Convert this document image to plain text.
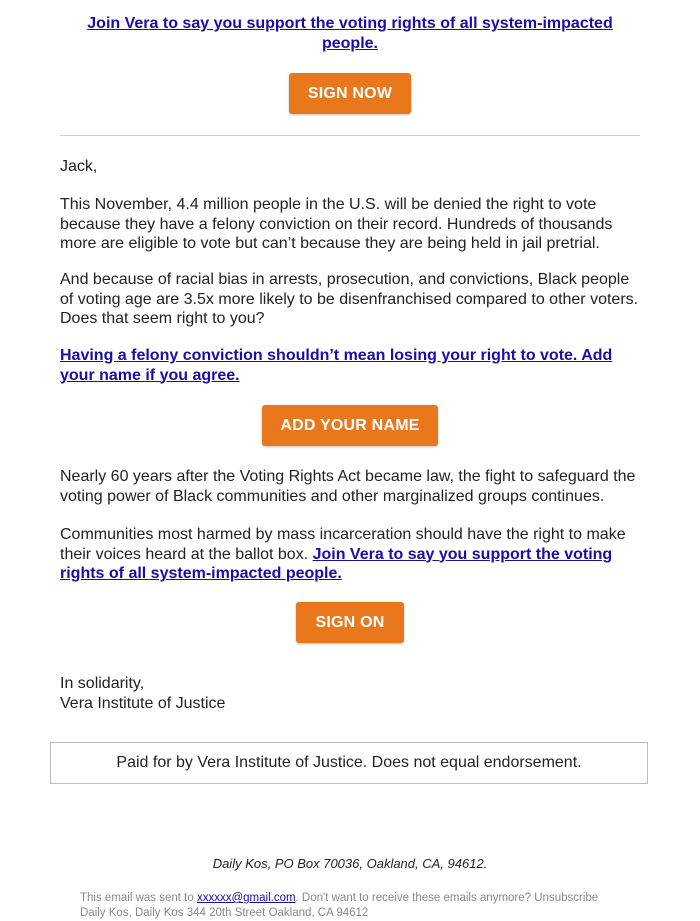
Join Vera to say you support the voting rights of all system-impacted people.
SIGN NOW

Jack,

This November, 4.4 million people in the U.S. will be denied the right to vote because they have a felony conviction on their record. Hundreds of thousands more are eligible to vote but can’t because they are being held in jail pretrial.

And because of racial bias in arrests, prosecution, and convictions, Black people of voting age are 3.5x more likely to be disenfranchised compared to other voters. Does that seem right to you?

Having a felony conviction shouldn’t mean losing your right to vote. Add your name if you agree.

ADD YOUR NAME

Nearly 60 years after the Voting Rights Act became law, the fight to safeguard the voting power of Black communities and other marginalized groups continues.

Communities most harmed by mass incarceration should have the right to make their voices heard at the ballot box. Join Vera to say you support the voting rights of all system-impacted people.

SIGN ON
In solidarity,
Vera Institute of Justice
Paid for by Vera Institute of Justice. Does not equal endorsement.
Daily Kos, PO Box 70036, Oakland, CA, 94612.
This email was sent to xxxxxx@gmail.com. Don't want to receive these emails anymore? Unsubscribe
Daily Kos, Daily Kos 344 20th Street Oakland, CA 94612
